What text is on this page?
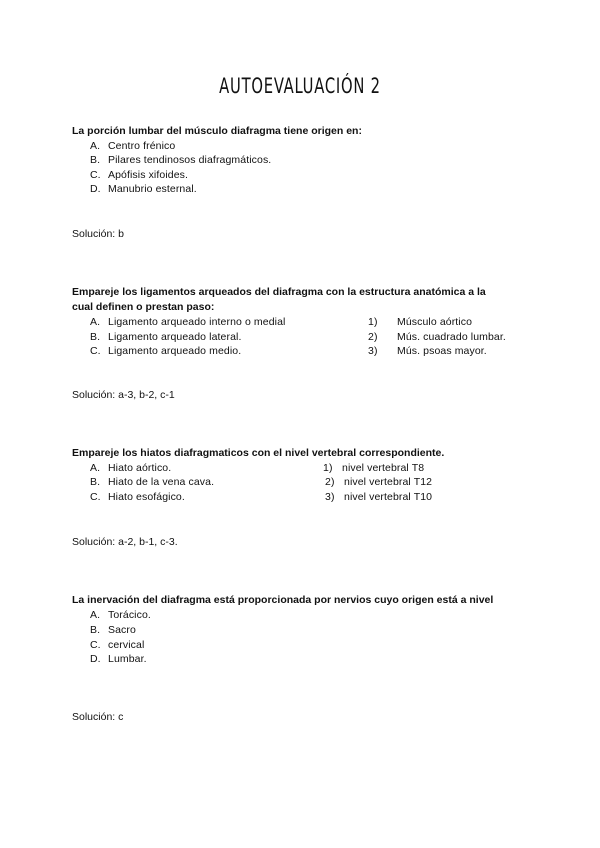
AUTOEVALUACIÓN 2
La porción lumbar del músculo diafragma tiene origen en:
A. Centro frénico
B. Pilares tendinosos diafragmáticos.
C. Apófisis xifoides.
D. Manubrio esternal.
Solución: b
Empareje los ligamentos arqueados del diafragma con la estructura anatómica a la
cual definen o prestan paso:
A. Ligamento arqueado interno o medial
B. Ligamento arqueado lateral.
C. Ligamento arqueado medio.
1) Músculo aórtico
2) Mús. cuadrado lumbar.
3) Mús. psoas mayor.
Solución: a-3, b-2, c-1
Empareje los hiatos diafragmaticos con el nivel vertebral correspondiente.
A. Hiato aórtico.
B. Hiato de la vena cava.
C. Hiato esofágico.
1) nivel vertebral T8
2) nivel vertebral T12
3) nivel vertebral T10
Solución: a-2, b-1, c-3.
La inervación del diafragma está proporcionada por nervios cuyo origen está a nivel
A. Torácico.
B. Sacro
C. cervical
D. Lumbar.
Solución: c
